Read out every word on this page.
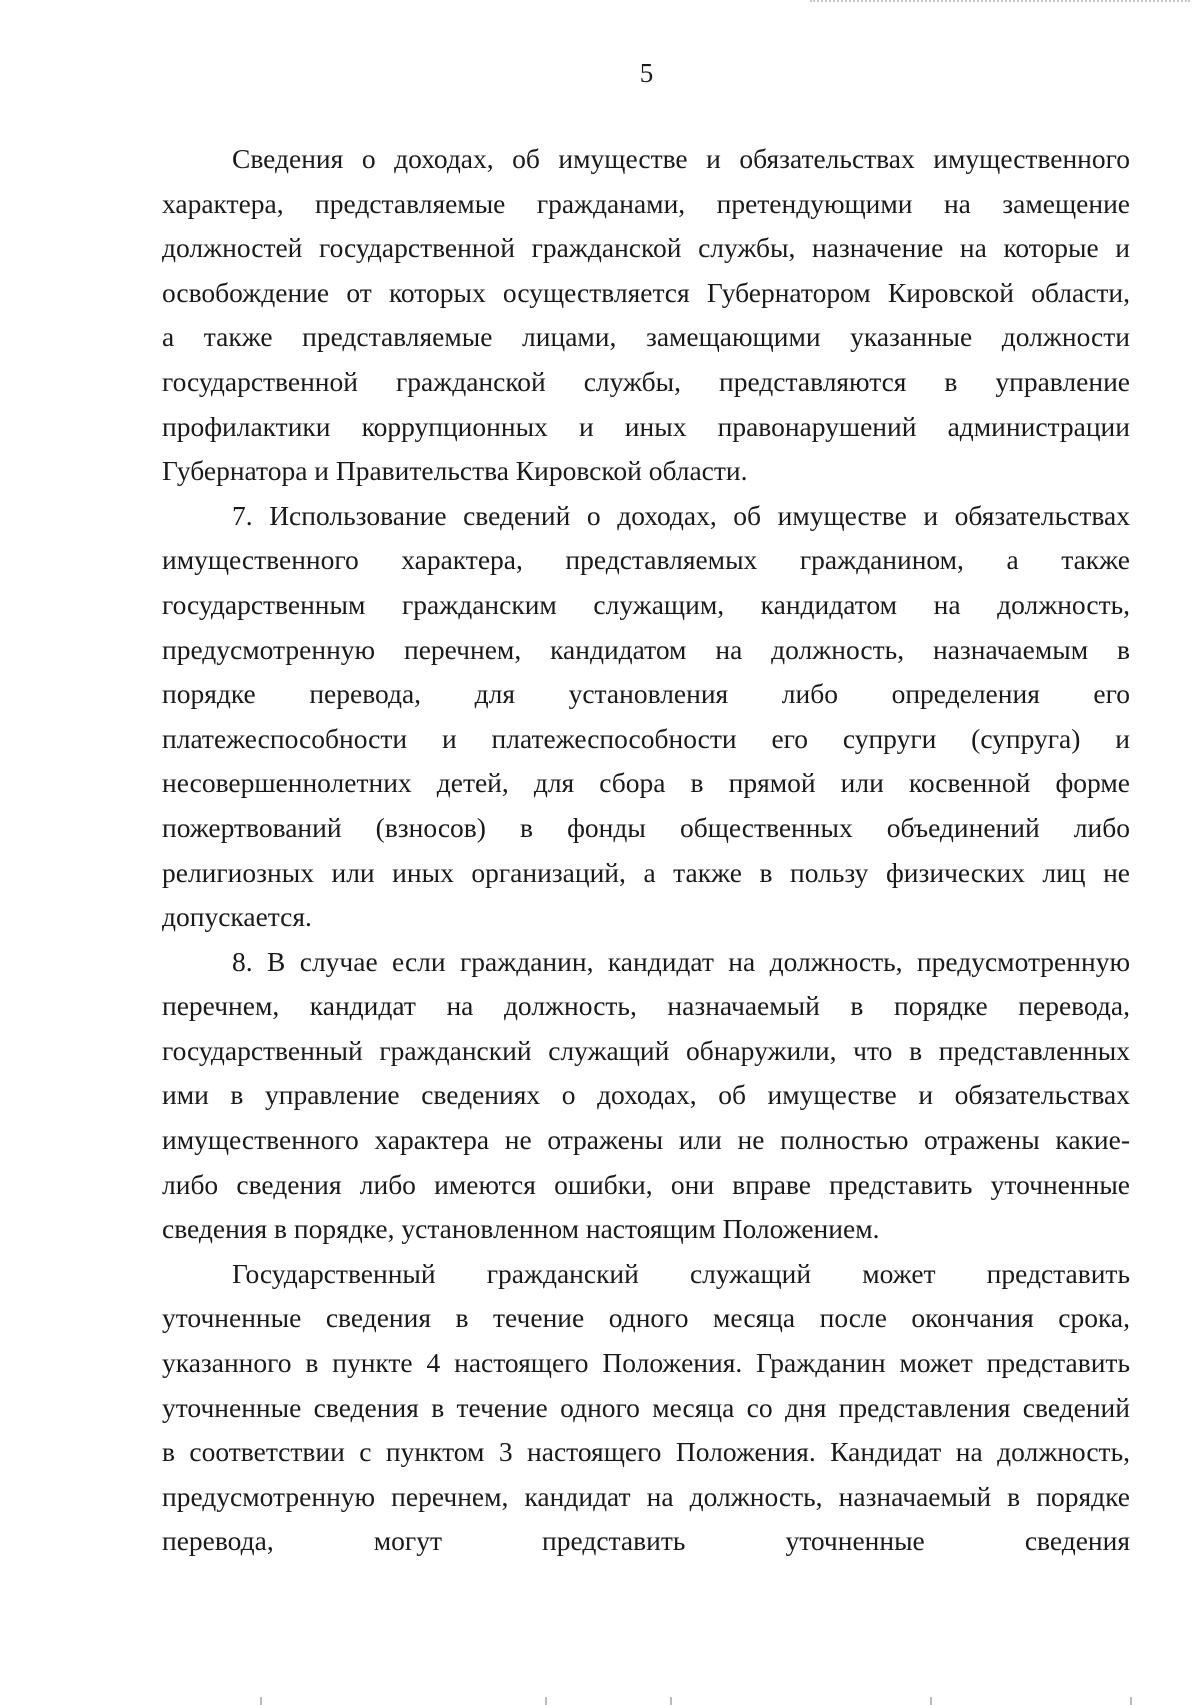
5
Сведения о доходах, об имуществе и обязательствах имущественного
характера, представляемые гражданами, претендующими на замещение
должностей государственной гражданской службы, назначение на которые и
освобождение от которых осуществляется Губернатором Кировской области,
а также представляемые лицами, замещающими указанные должности
государственной гражданской службы, представляются в управление
профилактики коррупционных и иных правонарушений администрации
Губернатора и Правительства Кировской области.
7. Использование сведений о доходах, об имуществе и обязательствах
имущественного характера, представляемых гражданином, а также
государственным гражданским служащим, кандидатом на должность,
предусмотренную перечнем, кандидатом на должность, назначаемым в
порядке перевода, для установления либо определения его
платежеспособности и платежеспособности его супруги (супруга) и
несовершеннолетних детей, для сбора в прямой или косвенной форме
пожертвований (взносов) в фонды общественных объединений либо
религиозных или иных организаций, а также в пользу физических лиц не
допускается.
8. В случае если гражданин, кандидат на должность, предусмотренную
перечнем, кандидат на должность, назначаемый в порядке перевода,
государственный гражданский служащий обнаружили, что в представленных
ими в управление сведениях о доходах, об имуществе и обязательствах
имущественного характера не отражены или не полностью отражены какие-
либо сведения либо имеются ошибки, они вправе представить уточненные
сведения в порядке, установленном настоящим Положением.
Государственный гражданский служащий может представить
уточненные сведения в течение одного месяца после окончания срока,
указанного в пункте 4 настоящего Положения. Гражданин может представить
уточненные сведения в течение одного месяца со дня представления сведений
в соответствии с пунктом 3 настоящего Положения. Кандидат на должность,
предусмотренную перечнем, кандидат на должность, назначаемый в порядке
перевода, могут представить уточненные сведения
